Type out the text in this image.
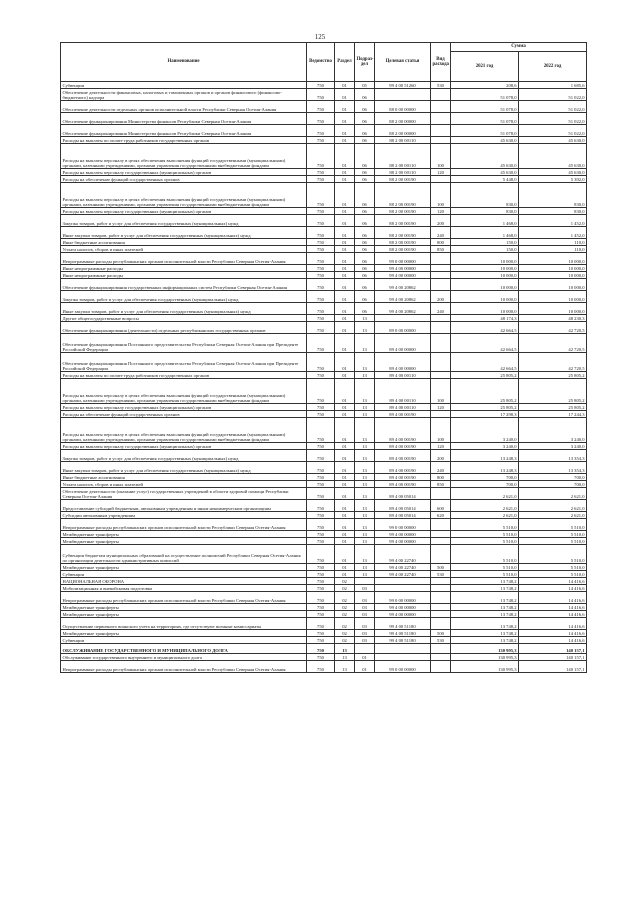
125
Наименование	Ведомство	Раздел	Подраз-дел	Целевая статья	Вид расхода	Сумма	
						2021 год	2022 год
Субвенции	750	01	05	99 4 00 51260	530	208,6	1 685,6
Обеспечение деятельности финансовых, налоговых и таможенных органов и органов финансового (финансово-бюджетного) надзора	750	01	06			51 078,0	51 022,0
Обеспечение деятельности отдельных органов исполнительной власти Республики Северная Осетия-Алания	750	01	06	88 0 00 00000		51 078,0	51 022,0
Обеспечение функционирования Министерства финансов Республики Северная Осетия-Алания	750	01	06	88 2 00 00000		51 078,0	51 022,0
Обеспечение функционирования Министерства финансов Республики Северная Осетия-Алания	750	01	06	88 2 00 00000		51 078,0	51 022,0
Расходы на выплаты по оплате труда работников государственных органов	750	01	06	88 2 00 00110		45 630,0	45 630,0
Расходы на выплаты персоналу в целях обеспечения выполнения функций государственными (муниципальными) органами, казенными учреждениями, органами управления государственными внебюджетными фондами	750	01	06	88 2 00 00110	100	45 630,0	45 630,0
Расходы на выплаты персоналу государственных (муниципальных) органов	750	01	06	88 2 00 00110	120	45 630,0	45 630,0
Расходы на обеспечение функций государственных органов	750	01	06	88 2 00 00190		5 448,0	5 392,0
Расходы на выплаты персоналу в целях обеспечения выполнения функций государственными (муниципальными) органами, казенными учреждениями, органами управления государственными внебюджетными фондами	750	01	06	88 2 00 00190	100	830,0	830,0
Расходы на выплаты персоналу государственных (муниципальных) органов	750	01	06	88 2 00 00190	120	830,0	830,0
Закупка товаров, работ и услуг для обеспечения государственных (муниципальных) нужд	750	01	06	88 2 00 00190	200	1 468,0	1 452,0
Иные закупки товаров, работ и услуг для обеспечения государственных (муниципальных) нужд	750	01	06	88 2 00 00190	240	1 468,0	1 452,0
Иные бюджетные ассигнования	750	01	06	88 2 00 00190	800	150,0	110,0
Уплата налогов, сборов и иных платежей	750	01	06	88 2 00 00190	850	150,0	110,0
Непрограммные расходы республиканских органов исполнительной власти Республики Северная Осетия-Алания	750	01	06	99 0 00 00000		10 000,0	10 000,0
Иные непрограммные расходы	750	01	06	99 4 00 00000		10 000,0	10 000,0
Иные непрограммные расходы	750	01	06	99 4 00 00000		10 000,0	10 000,0
Обеспечение функционирования государственных информационных систем Республики Северная Осетия-Алания	750	01	06	99 4 00 20862		10 000,0	10 000,0
Закупка товаров, работ и услуг для обеспечения государственных (муниципальных) нужд	750	01	06	99 4 00 20862	200	10 000,0	10 000,0
Иные закупки товаров, работ и услуг для обеспечения государственных (муниципальных) нужд	750	01	06	99 4 00 20862	240	10 000,0	10 000,0
Другие общегосударственные вопросы	750	01	13			48 174,3	48 230,3
Обеспечение функционирования (деятельности) отдельных республиканских государственных органов	750	01	13	89 0 00 00000		42 664,5	42 720,5
Обеспечение функционирования Постоянного представительства Республики Северная Осетия-Алания при Президенте Российской Федерации	750	01	13	89 4 00 00000		42 664,5	42 720,5
Обеспечение функционирования Постоянного представительства Республики Северная Осетия-Алания при Президенте Российской Федерации	750	01	13	89 4 00 00000		42 664,5	42 720,5
Расходы на выплаты по оплате труда работников государственных органов	750	01	13	89 4 00 00110		25 805,2	25 805,2
Расходы на выплаты персоналу в целях обеспечения выполнения функций государственными (муниципальными) органами, казенными учреждениями, органами управления государственными внебюджетными фондами	750	01	13	89 4 00 00110	100	25 805,2	25 805,2
Расходы на выплаты персоналу государственных (муниципальных) органов	750	01	13	89 4 00 00110	120	25 805,2	25 805,2
Расходы на обеспечение функций государственных органов	750	01	13	89 4 00 00190		17 298,3	17 244,3
Расходы на выплаты персоналу в целях обеспечения выполнения функций государственными (муниципальными) органами, казенными учреждениями, органами управления государственными внебюджетными фондами	750	01	13	89 4 00 00190	100	3 240,0	3 240,0
Расходы на выплаты персоналу государственных (муниципальных) органов	750	01	13	89 4 00 00190	120	3 240,0	3 240,0
Закупка товаров, работ и услуг для обеспечения государственных (муниципальных) нужд	750	01	13	89 4 00 00190	200	13 248,3	13 354,3
Иные закупки товаров, работ и услуг для обеспечения государственных (муниципальных) нужд	750	01	13	89 4 00 00190	240	13 248,3	13 354,3
Иные бюджетные ассигнования	750	01	13	89 4 00 00190	800	700,0	700,0
Уплата налогов, сборов и иных платежей	750	01	13	89 4 00 00190	850	700,0	700,0
Обеспечение деятельности (оказание услуг) государственных учреждений в области здоровой помощи Республики Северная Осетия-Алания	750	01	13	89 4 00 05014		2 621,0	2 621,0
Предоставление субсидий бюджетным, автономным учреждениям и иным некоммерческим организациям	750	01	13	89 4 00 05014	600	2 621,0	2 621,0
Субсидии автономным учреждениям	750	01	13	89 4 00 05014	620	2 621,0	2 621,0
Непрограммные расходы республиканских органов исполнительной власти Республики Северная Осетия-Алания	750	01	13	99 0 00 00000		5 510,0	5 510,0
Межбюджетные трансферты	750	01	13	99 4 00 00000		5 510,0	5 510,0
Межбюджетные трансферты	750	01	13	99 4 00 00000		5 510,0	5 510,0
Субвенции бюджетам муниципальных образований на осуществление полномочий Республики Северная Осетия-Алания по организации деятельности административных комиссий	750	01	13	99 4 00 22740		5 510,0	5 510,0
Межбюджетные трансферты	750	01	13	99 4 00 22740	500	5 510,0	5 510,0
Субвенции	750	01	13	99 4 00 22740	530	5 510,0	5 510,0
НАЦИОНАЛЬНАЯ ОБОРОНА	750	02				13 748,2	14 416,6
Мобилизационная и вневойсковая подготовка	750	02	03			13 748,2	14 416,6
Непрограммные расходы республиканских органов исполнительной власти Республики Северная Осетия-Алания	750	02	03	99 0 00 00000		13 748,2	14 416,6
Межбюджетные трансферты	750	02	03	99 4 00 00000		13 748,2	14 416,6
Межбюджетные трансферты	750	02	03	99 4 00 00000		13 748,2	14 416,6
Осуществление первичного воинского учета на территориях, где отсутствуют военные комиссариаты	750	02	03	99 4 00 51180		13 748,2	14 416,6
Межбюджетные трансферты	750	02	03	99 4 00 51180	500	13 748,2	14 416,6
Субвенции	750	02	03	99 4 00 51180	530	13 748,2	14 416,6
ОБСЛУЖИВАНИЕ ГОСУДАРСТВЕННОГО И МУНИЦИПАЛЬНОГО ДОЛГА	750	13				130 995,3	140 157,1
Обслуживание государственного внутреннего и муниципального долга	750	13	01			130 995,3	140 157,1
Непрограммные расходы республиканских органов исполнительной власти Республики Северная Осетия-Алания	750	13	01	99 0 00 00000		130 995,3	140 157,1
